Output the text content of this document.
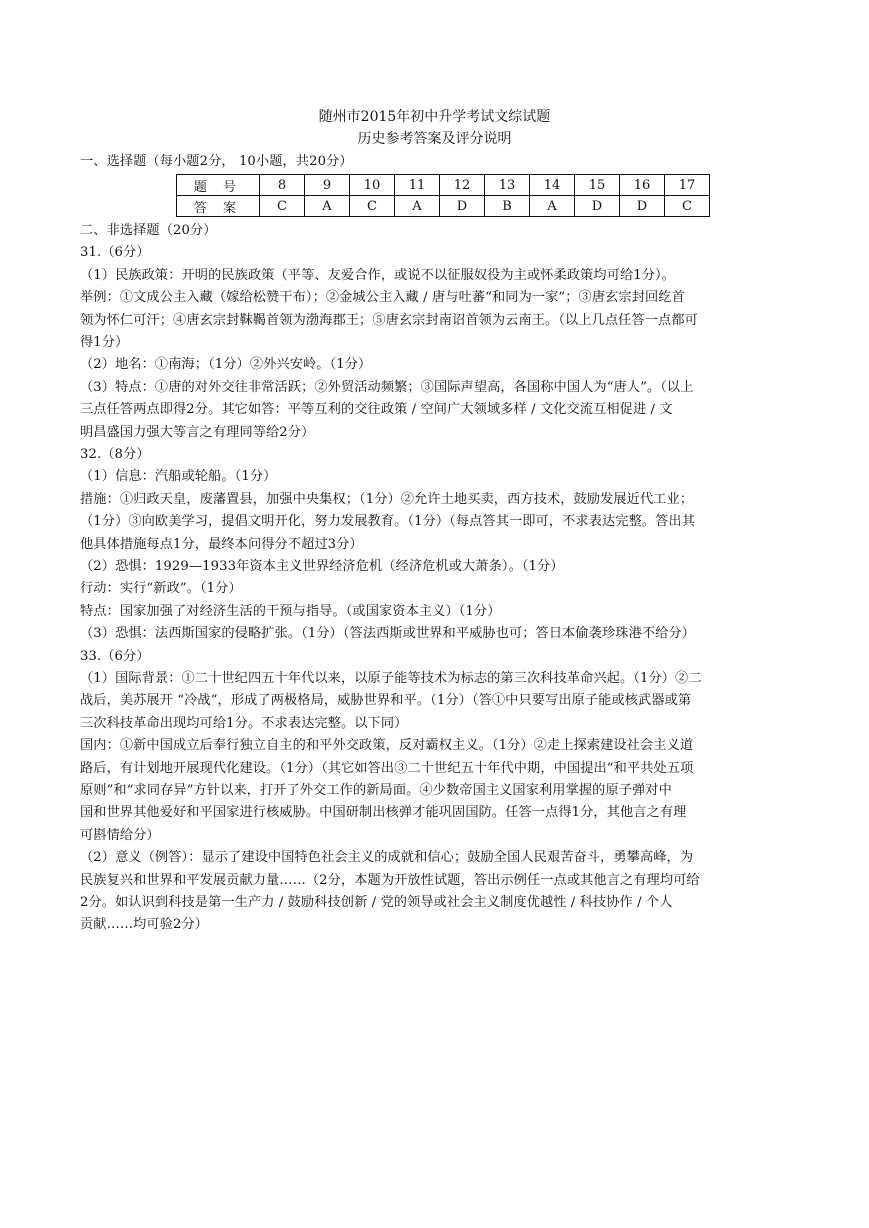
随州市2015年初中升学考试文综试题
历史参考答案及评分说明
一、选择题（每小题2分， 10小题，共20分）
题 号	8	9	10	11	12	13	14	15	16	17
答 案	C	A	C	A	D	B	A	D	D	C
二、非选择题（20分）
31.（6分）
（1）民族政策：开明的民族政策（平等、友爱合作，或说不以征服奴役为主或怀柔政策均可给1分）。
举例：①文成公主入藏（嫁给松赞干布）；②金城公主入藏 / 唐与吐蕃“和同为一家”；③唐玄宗封回纥首
领为怀仁可汗；④唐玄宗封靺鞨首领为渤海郡王；⑤唐玄宗封南诏首领为云南王。（以上几点任答一点都可
得1分）
（2）地名：①南海；（1分）②外兴安岭。（1分）
（3）特点：①唐的对外交往非常活跃；②外贸活动频繁；③国际声望高，各国称中国人为“唐人”。（以上
三点任答两点即得2分。其它如答：平等互利的交往政策 / 空间广大领域多样 / 文化交流互相促进 / 文
明昌盛国力强大等言之有理同等给2分）
32.（8分）
（1）信息：汽船或轮船。（1分）
措施：①归政天皇，废藩置县，加强中央集权；（1分）②允许土地买卖，西方技术，鼓励发展近代工业；
（1分）③向欧美学习，提倡文明开化，努力发展教育。（1分）（每点答其一即可，不求表达完整。答出其
他具体措施每点1分，最终本问得分不超过3分）
（2）恐惧：1929—1933年资本主义世界经济危机（经济危机或大萧条）。（1分）
行动：实行“新政”。（1分）
特点：国家加强了对经济生活的干预与指导。（或国家资本主义）（1分）
（3）恐惧：法西斯国家的侵略扩张。（1分）（答法西斯或世界和平威胁也可；答日本偷袭珍珠港不给分）
33.（6分）
（1）国际背景：①二十世纪四五十年代以来，以原子能等技术为标志的第三次科技革命兴起。（1分）②二
战后，美苏展开 “冷战”，形成了两极格局，威胁世界和平。（1分）（答①中只要写出原子能或核武器或第
三次科技革命出现均可给1分。不求表达完整。以下同）
国内：①新中国成立后奉行独立自主的和平外交政策，反对霸权主义。（1分）②走上探索建设社会主义道
路后，有计划地开展现代化建设。（1分）（其它如答出③二十世纪五十年代中期，中国提出“和平共处五项
原则”和“求同存异”方针以来，打开了外交工作的新局面。④少数帝国主义国家利用掌握的原子弹对中
国和世界其他爱好和平国家进行核威胁。中国研制出核弹才能巩固国防。任答一点得1分，其他言之有理
可斟情给分）
（2）意义（例答）：显示了建设中国特色社会主义的成就和信心；鼓励全国人民艰苦奋斗，勇攀高峰，为
民族复兴和世界和平发展贡献力量……（2分，本题为开放性试题，答出示例任一点或其他言之有理均可给
2分。如认识到科技是第一生产力 / 鼓励科技创新 / 党的领导或社会主义制度优越性 / 科技协作 / 个人
贡献……均可验2分）
